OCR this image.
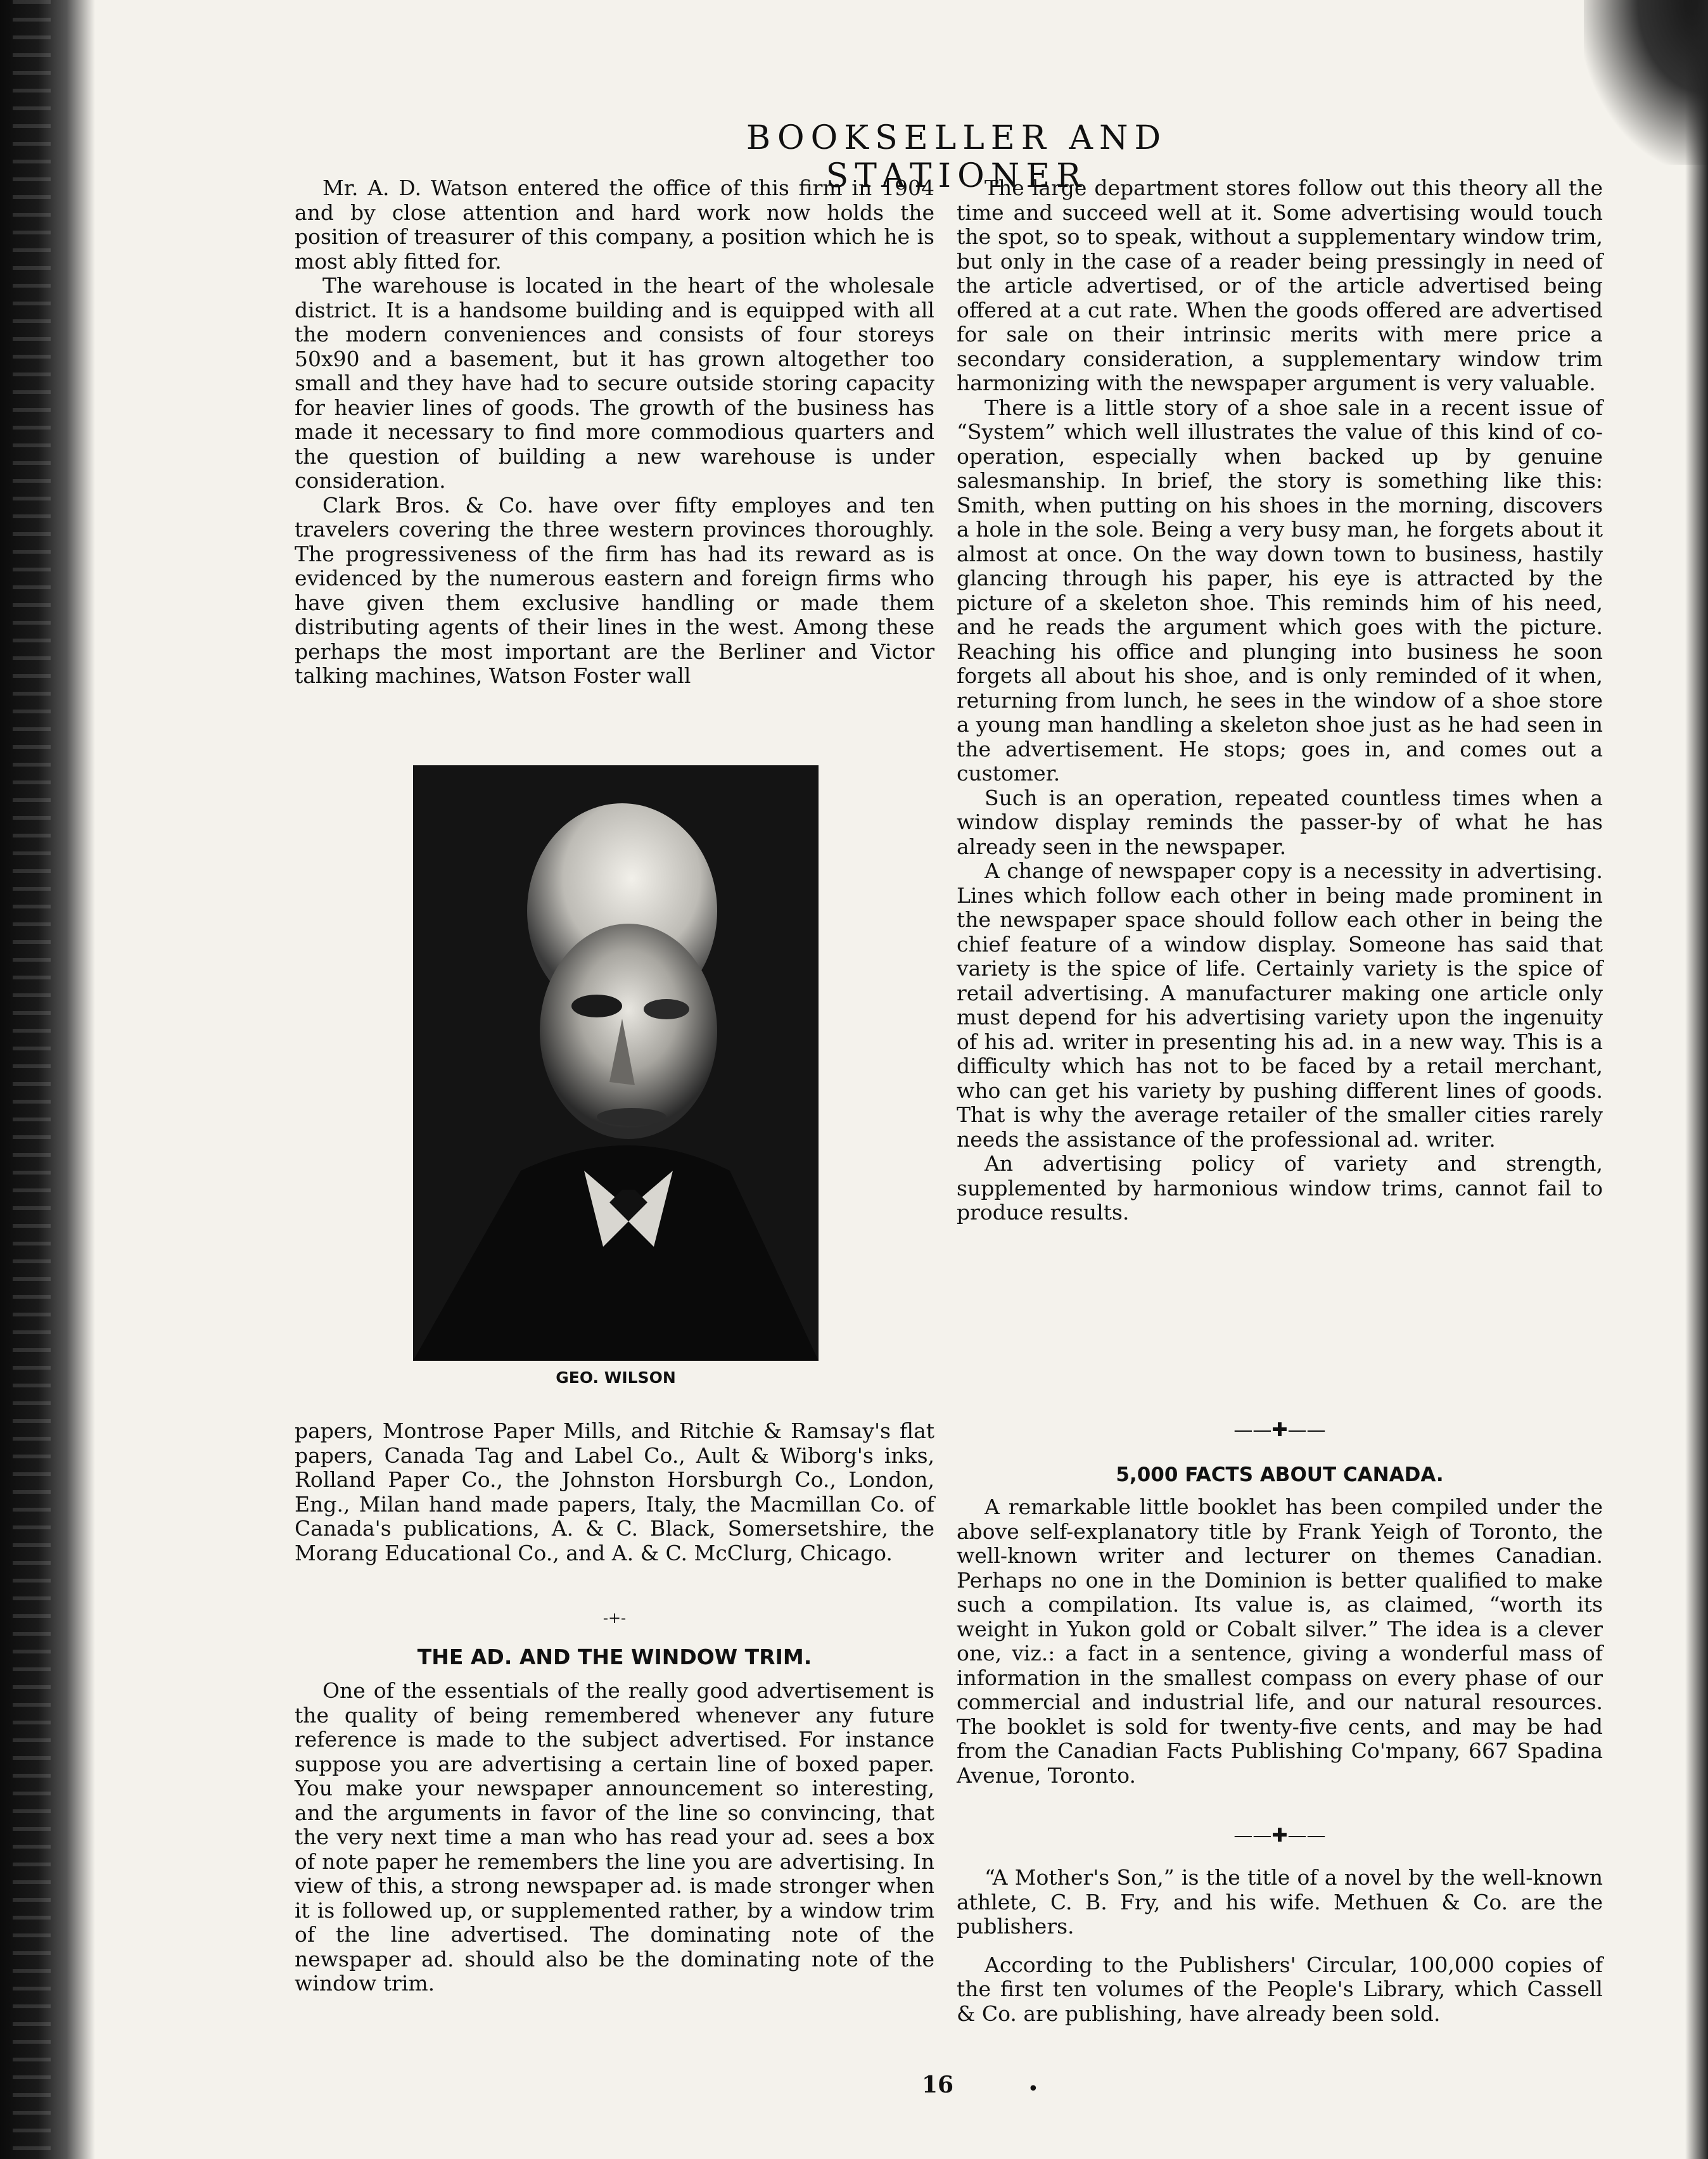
BOOKSELLER AND STATIONER

Mr. A. D. Watson entered the office of this firm in 1904 and by close attention and hard work now holds the position of treasurer of this company, a position which he is most ably fitted for.

The warehouse is located in the heart of the wholesale district. It is a handsome building and is equipped with all the modern conveniences and consists of four storeys 50x90 and a basement, but it has grown altogether too small and they have had to secure outside storing capacity for heavier lines of goods. The growth of the business has made it necessary to find more commodious quarters and the question of building a new warehouse is under consideration.

Clark Bros. & Co. have over fifty employes and ten travelers covering the three western provinces thoroughly. The progressiveness of the firm has had its reward as is evidenced by the numerous eastern and foreign firms who have given them exclusive handling or made them distributing agents of their lines in the west. Among these perhaps the most important are the Berliner and Victor talking machines, Watson Foster wall

GEO. WILSON

papers, Montrose Paper Mills, and Ritchie & Ramsay's flat papers, Canada Tag and Label Co., Ault & Wiborg's inks, Rolland Paper Co., the Johnston Horsburgh Co., London, Eng., Milan hand made papers, Italy, the Macmillan Co. of Canada's publications, A. & C. Black, Somersetshire, the Morang Educational Co., and A. & C. McClurg, Chicago.

-+-
THE AD. AND THE WINDOW TRIM.

One of the essentials of the really good advertisement is the quality of being remembered whenever any future reference is made to the subject advertised. For instance suppose you are advertising a certain line of boxed paper. You make your newspaper announcement so interesting, and the arguments in favor of the line so convincing, that the very next time a man who has read your ad. sees a box of note paper he remembers the line you are advertising. In view of this, a strong newspaper ad. is made stronger when it is followed up, or supplemented rather, by a window trim of the line advertised. The dominating note of the newspaper ad. should also be the dominating note of the window trim.

The large department stores follow out this theory all the time and succeed well at it. Some advertising would touch the spot, so to speak, without a supplementary window trim, but only in the case of a reader being pressingly in need of the article advertised, or of the article advertised being offered at a cut rate. When the goods offered are advertised for sale on their intrinsic merits with mere price a secondary consideration, a supplementary window trim harmonizing with the newspaper argument is very valuable.

There is a little story of a shoe sale in a recent issue of “System” which well illustrates the value of this kind of co-operation, especially when backed up by genuine salesmanship. In brief, the story is something like this: Smith, when putting on his shoes in the morning, discovers a hole in the sole. Being a very busy man, he forgets about it almost at once. On the way down town to business, hastily glancing through his paper, his eye is attracted by the picture of a skeleton shoe. This reminds him of his need, and he reads the argument which goes with the picture. Reaching his office and plunging into business he soon forgets all about his shoe, and is only reminded of it when, returning from lunch, he sees in the window of a shoe store a young man handling a skeleton shoe just as he had seen in the advertisement. He stops; goes in, and comes out a customer.

Such is an operation, repeated countless times when a window display reminds the passer-by of what he has already seen in the newspaper.

A change of newspaper copy is a necessity in advertising. Lines which follow each other in being made prominent in the newspaper space should follow each other in being the chief feature of a window display. Someone has said that variety is the spice of life. Certainly variety is the spice of retail advertising. A manufacturer making one article only must depend for his advertising variety upon the ingenuity of his ad. writer in presenting his ad. in a new way. This is a difficulty which has not to be faced by a retail merchant, who can get his variety by pushing different lines of goods. That is why the average retailer of the smaller cities rarely needs the assistance of the professional ad. writer.

An advertising policy of variety and strength, supplemented by harmonious window trims, cannot fail to produce results.

——✚——
5,000 FACTS ABOUT CANADA.

A remarkable little booklet has been compiled under the above self-explanatory title by Frank Yeigh of Toronto, the well-known writer and lecturer on themes Canadian. Perhaps no one in the Dominion is better qualified to make such a compilation. Its value is, as claimed, “worth its weight in Yukon gold or Cobalt silver.” The idea is a clever one, viz.: a fact in a sentence, giving a wonderful mass of information in the smallest compass on every phase of our commercial and industrial life, and our natural resources. The booklet is sold for twenty-five cents, and may be had from the Canadian Facts Publishing Co'mpany, 667 Spadina Avenue, Toronto.

——✚——

“A Mother's Son,” is the title of a novel by the well-known athlete, C. B. Fry, and his wife. Methuen & Co. are the publishers.

According to the Publishers' Circular, 100,000 copies of the first ten volumes of the People's Library, which Cassell & Co. are publishing, have already been sold.

16	•
